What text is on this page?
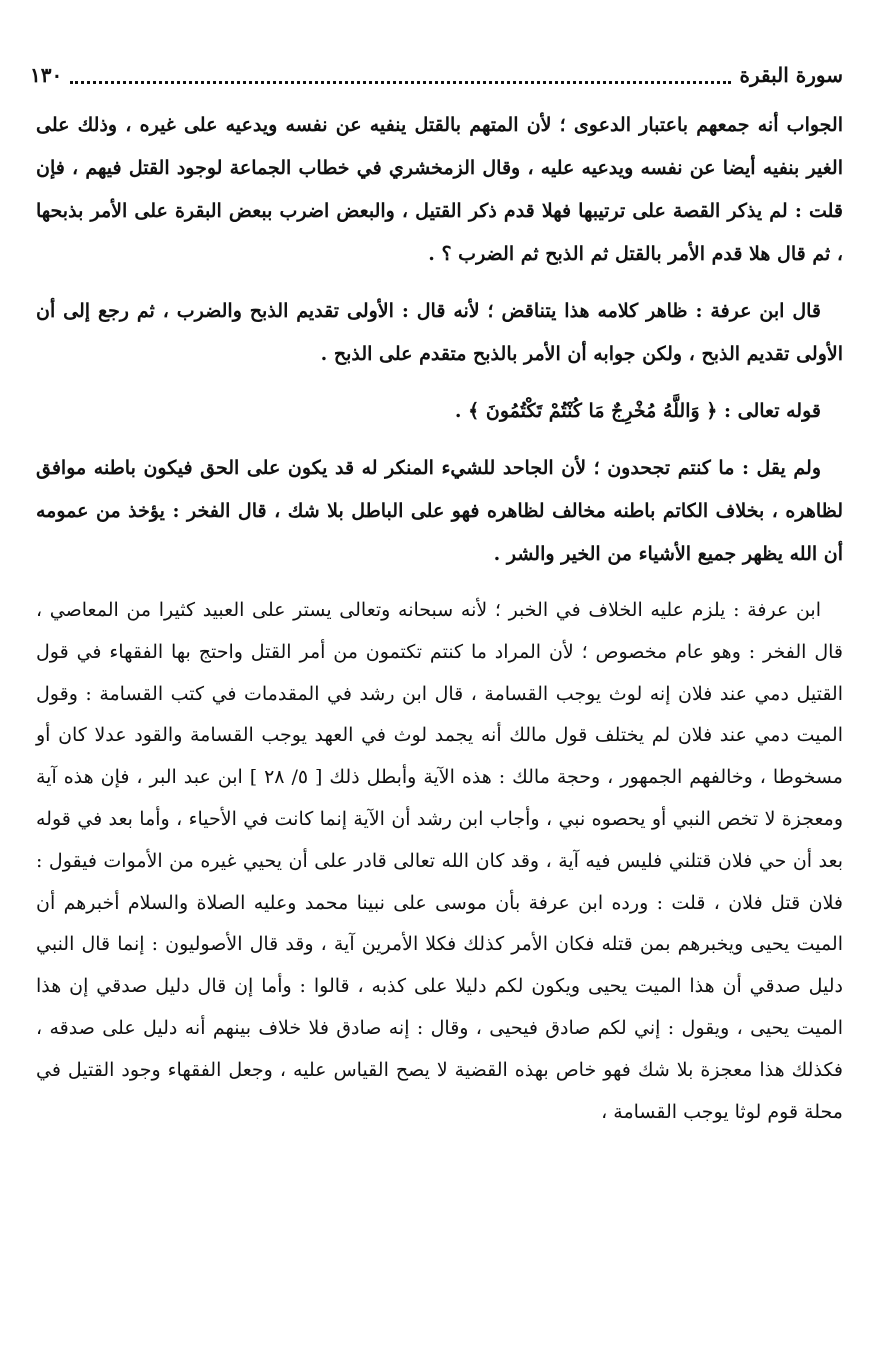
سورة البقرة
١٣٠

الجواب أنه جمعهم باعتبار الدعوى ؛ لأن المتهم بالقتل ينفيه عن نفسه ويدعيه على غيره ، وذلك على الغير بنفيه أيضا عن نفسه ويدعيه عليه ، وقال الزمخشري في خطاب الجماعة لوجود القتل فيهم ، فإن قلت : لم يذكر القصة على ترتيبها فهلا قدم ذكر القتيل ، والبعض اضرب ببعض البقرة على الأمر بذبحها ، ثم قال هلا قدم الأمر بالقتل ثم الذبح ثم الضرب ؟ .

قال ابن عرفة : ظاهر كلامه هذا يتناقض ؛ لأنه قال : الأولى تقديم الذبح والضرب ، ثم رجع إلى أن الأولى تقديم الذبح ، ولكن جوابه أن الأمر بالذبح متقدم على الذبح .

قوله تعالى : ﴿ وَاللَّهُ مُخْرِجٌ مَا كُنْتُمْ تَكْتُمُونَ ﴾ .

ولم يقل : ما كنتم تجحدون ؛ لأن الجاحد للشيء المنكر له قد يكون على الحق فيكون باطنه موافق لظاهره ، بخلاف الكاتم باطنه مخالف لظاهره فهو على الباطل بلا شك ، قال الفخر : يؤخذ من عمومه أن الله يظهر جميع الأشياء من الخير والشر .

ابن عرفة : يلزم عليه الخلاف في الخبر ؛ لأنه سبحانه وتعالى يستر على العبيد كثيرا من المعاصي ، قال الفخر : وهو عام مخصوص ؛ لأن المراد ما كنتم تكتمون من أمر القتل واحتج بها الفقهاء في قول القتيل دمي عند فلان إنه لوث يوجب القسامة ، قال ابن رشد في المقدمات في كتب القسامة : وقول الميت دمي عند فلان لم يختلف قول مالك أنه يجمد لوث في العهد يوجب القسامة والقود عدلا كان أو مسخوطا ، وخالفهم الجمهور ، وحجة مالك : هذه الآية وأبطل ذلك [ ٥/ ٢٨ ] ابن عبد البر ، فإن هذه آية ومعجزة لا تخص النبي أو يحصوه نبي ، وأجاب ابن رشد أن الآية إنما كانت في الأحياء ، وأما بعد في قوله بعد أن حي فلان قتلني فليس فيه آية ، وقد كان الله تعالى قادر على أن يحيي غيره من الأموات فيقول : فلان قتل فلان ، قلت : ورده ابن عرفة بأن موسى على نبينا محمد وعليه الصلاة والسلام أخبرهم أن الميت يحيى ويخبرهم بمن قتله فكان الأمر كذلك فكلا الأمرين آية ، وقد قال الأصوليون : إنما قال النبي دليل صدقي أن هذا الميت يحيى ويكون لكم دليلا على كذبه ، قالوا : وأما إن قال دليل صدقي إن هذا الميت يحيى ، ويقول : إني لكم صادق فيحيى ، وقال : إنه صادق فلا خلاف بينهم أنه دليل على صدقه ، فكذلك هذا معجزة بلا شك فهو خاص بهذه القضية لا يصح القياس عليه ، وجعل الفقهاء وجود القتيل في محلة قوم لوثا يوجب القسامة ،
